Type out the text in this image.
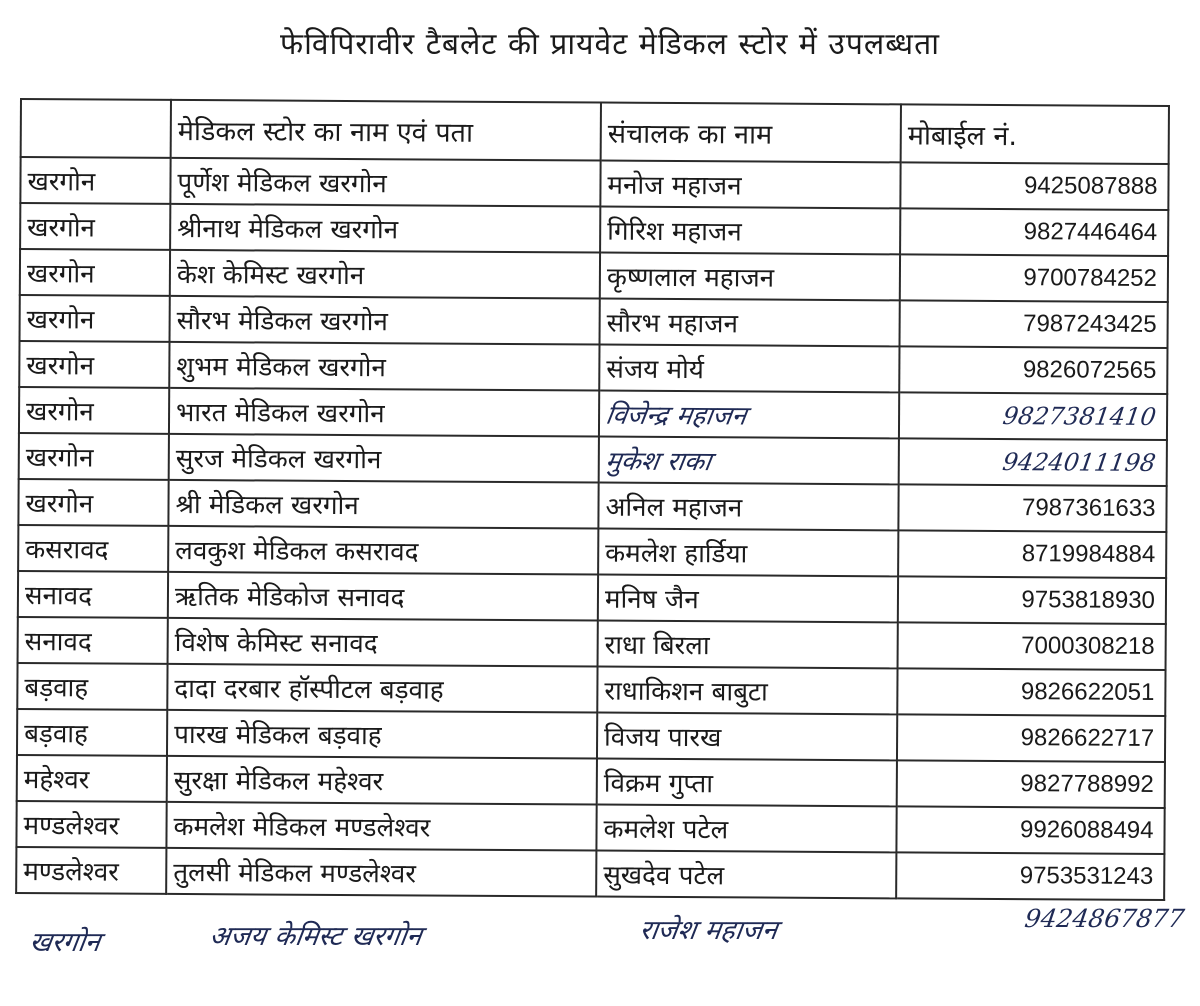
फेविपिरावीर टैबलेट की प्रायवेट मेडिकल स्टोर में उपलब्धता
	मेडिकल स्टोर का नाम एवं पता	संचालक का नाम	मोबाईल नं.
खरगोन	पूर्णेश मेडिकल खरगोन	मनोज महाजन	9425087888
खरगोन	श्रीनाथ मेडिकल खरगोन	गिरिश महाजन	9827446464
खरगोन	केश केमिस्ट खरगोन	कृष्णलाल महाजन	9700784252
खरगोन	सौरभ मेडिकल खरगोन	सौरभ महाजन	7987243425
खरगोन	शुभम मेडिकल खरगोन	संजय मोर्य	9826072565
खरगोन	भारत मेडिकल खरगोन	विजेन्द्र महाजन	9827381410
खरगोन	सुरज मेडिकल खरगोन	मुकेश राका	9424011198
खरगोन	श्री मेडिकल खरगोन	अनिल महाजन	7987361633
कसरावद	लवकुश मेडिकल कसरावद	कमलेश हार्डिया	8719984884
सनावद	ऋतिक मेडिकोज सनावद	मनिष जैन	9753818930
सनावद	विशेष केमिस्ट सनावद	राधा बिरला	7000308218
बड़वाह	दादा दरबार हॉस्पीटल बड़वाह	राधाकिशन बाबुटा	9826622051
बड़वाह	पारख मेडिकल बड़वाह	विजय पारख	9826622717
महेश्वर	सुरक्षा मेडिकल महेश्वर	विक्रम गुप्ता	9827788992
मण्डलेश्वर	कमलेश मेडिकल मण्डलेश्वर	कमलेश पटेल	9926088494
मण्डलेश्वर	तुलसी मेडिकल मण्डलेश्वर	सुखदेव पटेल	9753531243
खरगोन	अजय केमिस्ट खरगोन	राजेश महाजन	9424867877
